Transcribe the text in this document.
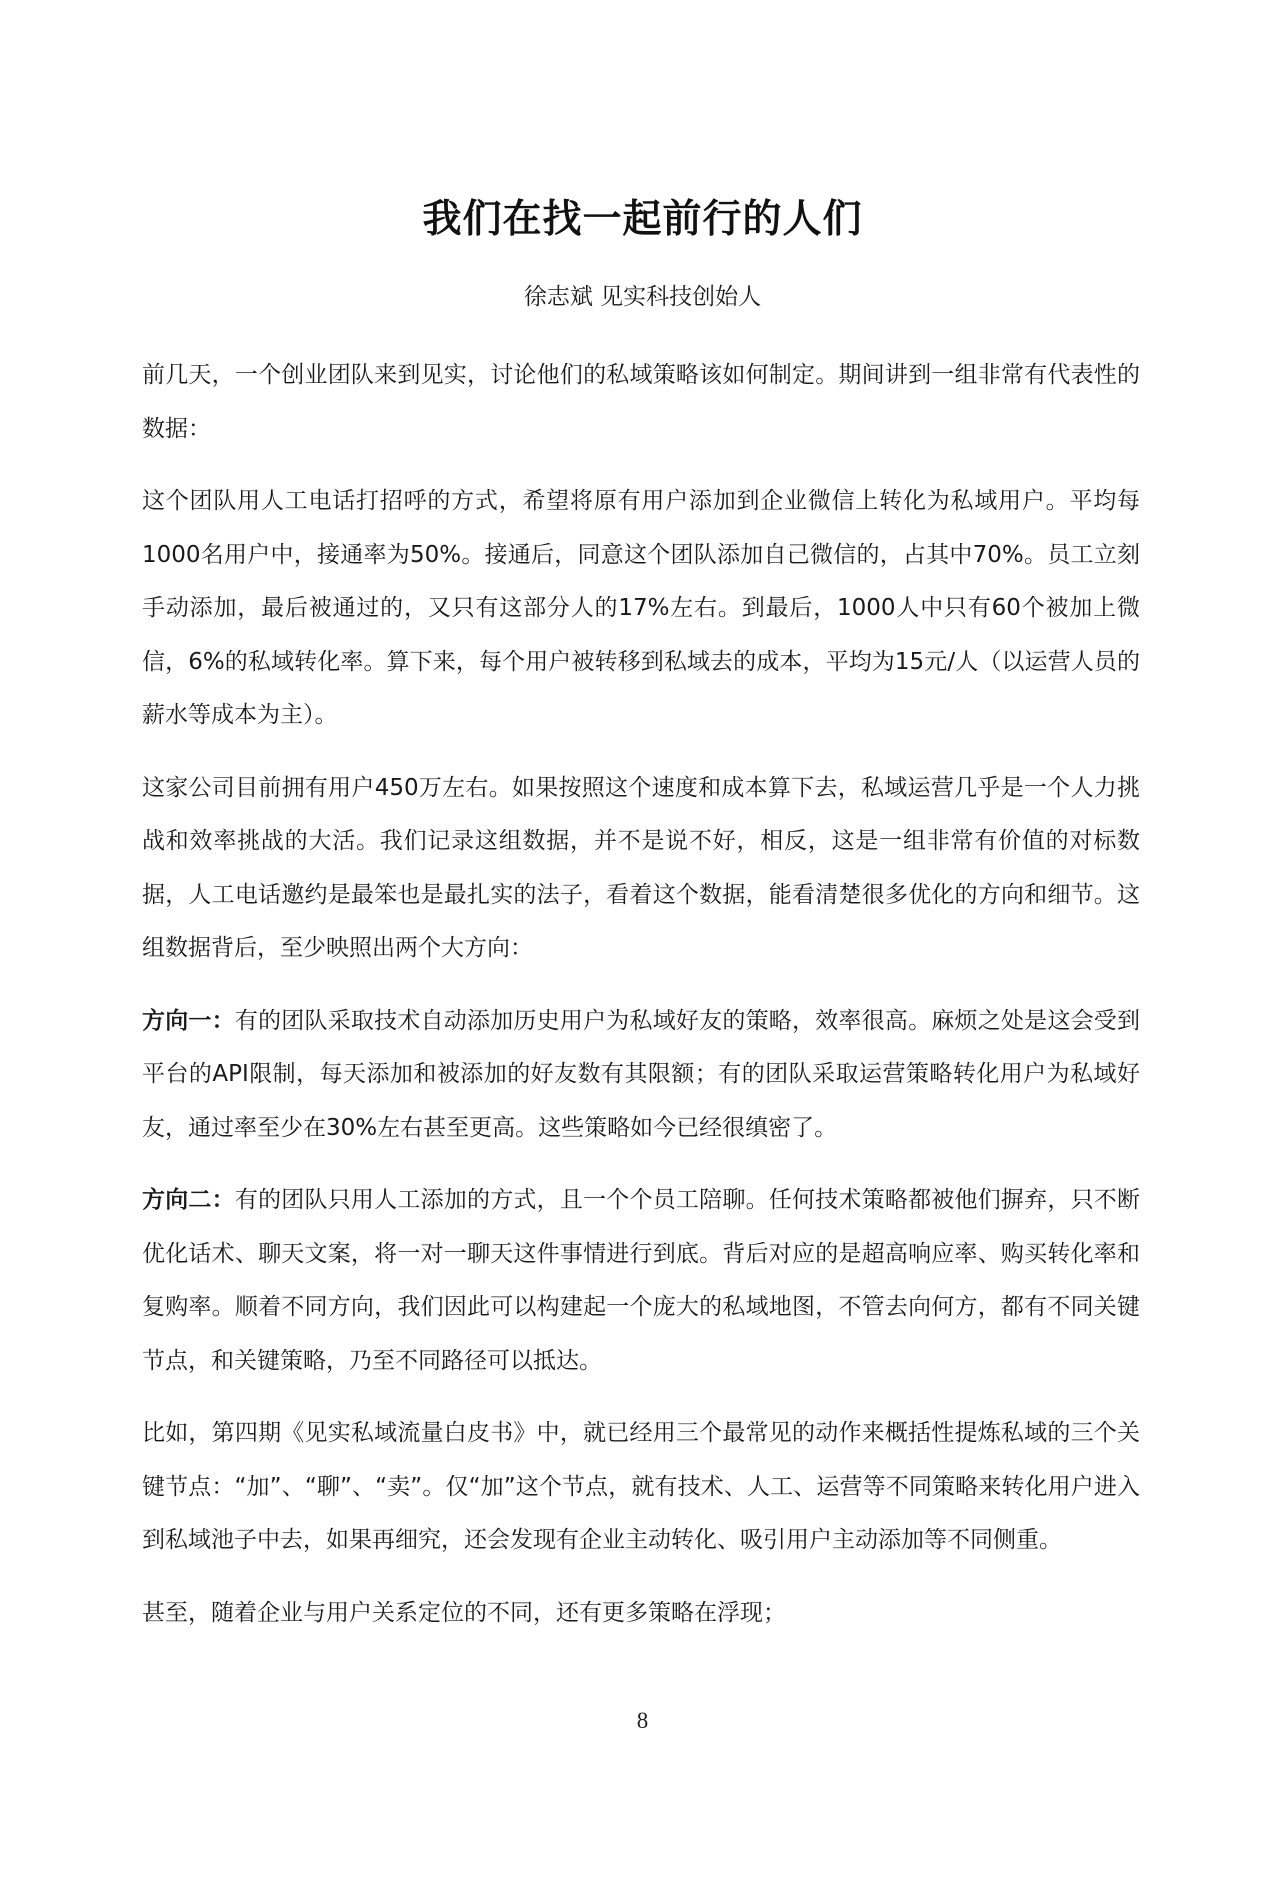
我们在找一起前行的人们
徐志斌 见实科技创始人

前几天，一个创业团队来到见实，讨论他们的私域策略该如何制定。期间讲到一组非常有代表性的数据：

这个团队用人工电话打招呼的方式，希望将原有用户添加到企业微信上转化为私域用户。平均每1000名用户中，接通率为50%。接通后，同意这个团队添加自己微信的，占其中70%。员工立刻手动添加，最后被通过的，又只有这部分人的17%左右。到最后，1000人中只有60个被加上微信，6%的私域转化率。算下来，每个用户被转移到私域去的成本，平均为15元/人（以运营人员的薪水等成本为主）。

这家公司目前拥有用户450万左右。如果按照这个速度和成本算下去，私域运营几乎是一个人力挑战和效率挑战的大活。我们记录这组数据，并不是说不好，相反，这是一组非常有价值的对标数据，人工电话邀约是最笨也是最扎实的法子，看着这个数据，能看清楚很多优化的方向和细节。这组数据背后，至少映照出两个大方向：

方向一：有的团队采取技术自动添加历史用户为私域好友的策略，效率很高。麻烦之处是这会受到平台的API限制，每天添加和被添加的好友数有其限额；有的团队采取运营策略转化用户为私域好友，通过率至少在30%左右甚至更高。这些策略如今已经很缜密了。

方向二：有的团队只用人工添加的方式，且一个个员工陪聊。任何技术策略都被他们摒弃，只不断优化话术、聊天文案，将一对一聊天这件事情进行到底。背后对应的是超高响应率、购买转化率和复购率。顺着不同方向，我们因此可以构建起一个庞大的私域地图，不管去向何方，都有不同关键节点，和关键策略，乃至不同路径可以抵达。

比如，第四期《见实私域流量白皮书》中，就已经用三个最常见的动作来概括性提炼私域的三个关键节点：“加”、“聊”、“卖”。仅“加”这个节点，就有技术、人工、运营等不同策略来转化用户进入到私域池子中去，如果再细究，还会发现有企业主动转化、吸引用户主动添加等不同侧重。

甚至，随着企业与用户关系定位的不同，还有更多策略在浮现；

8
